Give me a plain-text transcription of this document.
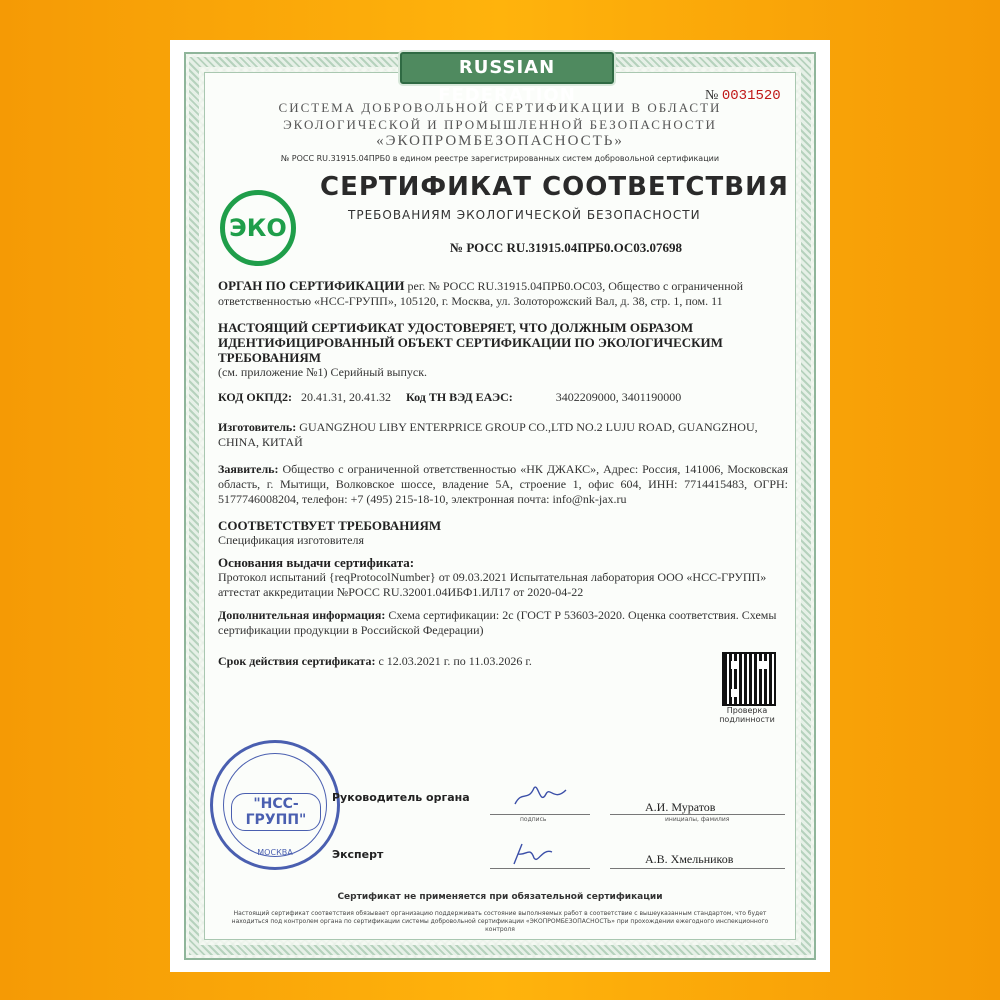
RUSSIAN FEDERATION	№ 0031520
СИСТЕМА ДОБРОВОЛЬНОЙ СЕРТИФИКАЦИИ В ОБЛАСТИ
ЭКОЛОГИЧЕСКОЙ И ПРОМЫШЛЕННОЙ БЕЗОПАСНОСТИ
«ЭКОПРОМБЕЗОПАСНОСТЬ»
№ РОСС RU.31915.04ПРБ0 в едином реестре зарегистрированных систем добровольной сертификации
ЭКО
СЕРТИФИКАТ СООТВЕТСТВИЯ
ТРЕБОВАНИЯМ ЭКОЛОГИЧЕСКОЙ БЕЗОПАСНОСТИ
№ РОСС RU.31915.04ПРБ0.ОС03.07698
ОРГАН ПО СЕРТИФИКАЦИИ рег. № РОСС RU.31915.04ПРБ0.ОС03, Общество с ограниченной ответственностью «НСС-ГРУПП», 105120, г. Москва, ул. Золоторожский Вал, д. 38, стр. 1, пом. 11
НАСТОЯЩИЙ СЕРТИФИКАТ УДОСТОВЕРЯЕТ, ЧТО ДОЛЖНЫМ ОБРАЗОМ ИДЕНТИФИЦИРОВАННЫЙ ОБЪЕКТ СЕРТИФИКАЦИИ ПО ЭКОЛОГИЧЕСКИМ ТРЕБОВАНИЯМ
(см. приложение №1) Серийный выпуск.
КОД ОКПД2: 20.41.31, 20.41.32 Код ТН ВЭД ЕАЭС:	3402209000, 3401190000
Изготовитель: GUANGZHOU LIBY ENTERPRICE GROUP CO.,LTD NO.2 LUJU ROAD, GUANGZHOU, CHINA, КИТАЙ
Заявитель: Общество с ограниченной ответственностью «НК ДЖАКС», Адрес: Россия, 141006, Московская область, г. Мытищи, Волковское шоссе, владение 5А, строение 1, офис 604, ИНН: 7714415483, ОГРН: 5177746008204, телефон: +7 (495) 215-18-10, электронная почта: info@nk-jax.ru
СООТВЕТСТВУЕТ ТРЕБОВАНИЯМ
Спецификация изготовителя
Основания выдачи сертификата:
Протокол испытаний {reqProtocolNumber} от 09.03.2021 Испытательная лаборатория ООО «НСС-ГРУПП» аттестат аккредитации №РОСС RU.32001.04ИБФ1.ИЛ17 от 2020-04-22
Дополнительная информация: Схема сертификации: 2с (ГОСТ Р 53603-2020. Оценка соответствия. Схемы сертификации продукции в Российской Федерации)
Срок действия сертификата: с 12.03.2021 г. по 11.03.2026 г.
Проверка подлинности
"НСС-ГРУПП"
МОСКВА
Руководитель органа
подпись
А.И. Муратов
инициалы, фамилия
Эксперт	А.В. Хмельников
Сертификат не применяется при обязательной сертификации
Настоящий сертификат соответствия обязывает организацию поддерживать состояние выполняемых работ в соответствие с вышеуказанным стандартом, что будет находиться под контролем органа по сертификации системы добровольной сертификации «ЭКОПРОМБЕЗОПАСНОСТЬ» при прохождении ежегодного инспекционного контроля
